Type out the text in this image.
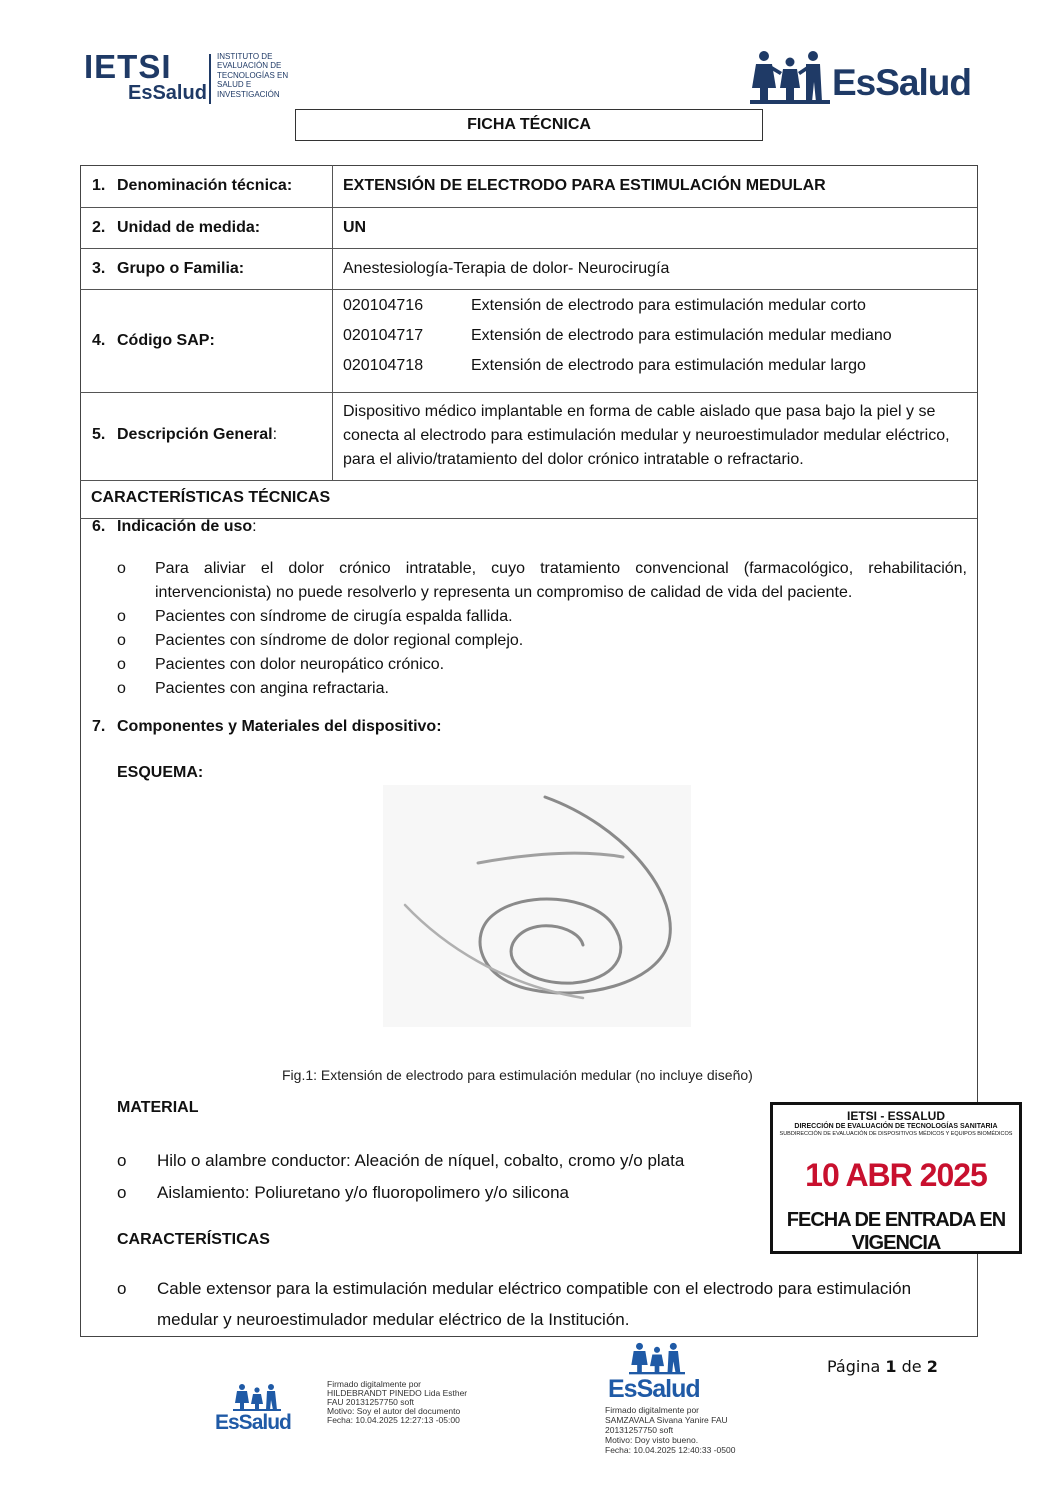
IETSI
EsSalud
INSTITUTO DE
EVALUACIÓN DE
TECNOLOGÍAS EN
SALUD E
INVESTIGACIÓN	EsSalud
FICHA TÉCNICA
1. Denominación técnica:	EXTENSIÓN DE ELECTRODO PARA ESTIMULACIÓN MEDULAR
2. Unidad de medida:	UN
3. Grupo o Familia:	Anestesiología-Terapia de dolor- Neurocirugía
4. Código SAP:
020104716	Extensión de electrodo para estimulación medular corto
020104717	Extensión de electrodo para estimulación medular mediano
020104718	Extensión de electrodo para estimulación medular largo
5. Descripción General:
Dispositivo médico implantable en forma de cable aislado que pasa bajo la piel y se conecta al electrodo para estimulación medular y neuroestimulador medular eléctrico, para el alivio/tratamiento del dolor crónico intratable o refractario.
CARACTERÍSTICAS TÉCNICAS
6. Indicación de uso:
o Para aliviar el dolor crónico intratable, cuyo tratamiento convencional (farmacológico, rehabilitación, intervencionista) no puede resolverlo y representa un compromiso de calidad de vida del paciente.
o Pacientes con síndrome de cirugía espalda fallida.
o Pacientes con síndrome de dolor regional complejo.
o Pacientes con dolor neuropático crónico.
o Pacientes con angina refractaria.
7. Componentes y Materiales del dispositivo:
ESQUEMA:
Fig.1: Extensión de electrodo para estimulación medular (no incluye diseño)
MATERIAL
o Hilo o alambre conductor: Aleación de níquel, cobalto, cromo y/o plata
o Aislamiento: Poliuretano y/o fluoropolimero y/o silicona
CARACTERÍSTICAS
o Cable extensor para la estimulación medular eléctrico compatible con el electrodo para estimulación medular y neuroestimulador medular eléctrico de la Institución.
IETSI - ESSALUD
DIRECCIÓN DE EVALUACIÓN DE TECNOLOGÍAS SANITARIA
SUBDIRECCIÓN DE EVALUACIÓN DE DISPOSITIVOS MÉDICOS Y EQUIPOS BIOMÉDICOS
10 ABR 2025
FECHA DE ENTRADA EN VIGENCIA
EsSalud
Firmado digitalmente por
HILDEBRANDT PINEDO Lida Esther
FAU 20131257750 soft
Motivo: Soy el autor del documento
Fecha: 10.04.2025 12:27:13 -05:00
EsSalud
Firmado digitalmente por
SAMZAVALA Sivana Yanire FAU
20131257750 soft
Motivo: Doy visto bueno.
Fecha: 10.04.2025 12:40:33 -0500
Página 1 de 2
